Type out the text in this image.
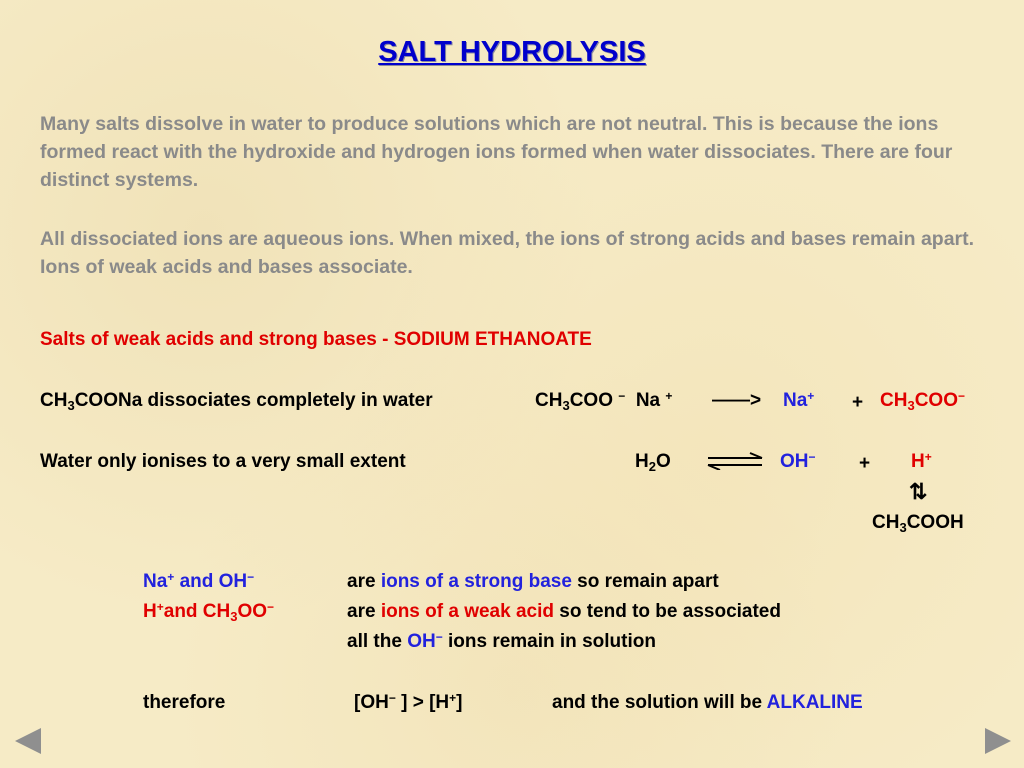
SALT HYDROLYSIS
Many salts dissolve in water to produce solutions which are not neutral. This is because the ions formed react with the hydroxide and hydrogen ions formed when water dissociates. There are four distinct systems.
All dissociated ions are aqueous ions. When mixed, the ions of strong acids and bases remain apart. Ions of weak acids and bases associate.
Salts of weak acids and strong bases - SODIUM ETHANOATE
$CH_3COONa$ dissociates completely in water	$CH_3COO$ − Na + ——> $Na^+ + CH_3COO^-$
Water only ionises to a very small extent	$H_2O$ ⇌ OH− + H+
⇅
$CH_3COOH$
Na+ and OH−	are ions of a strong base so remain apart
H+and $CH_3OO^-$	are ions of a weak acid so tend to be associated
all the OH− ions remain in solution
therefore	[OH− ] > [H+]	and the solution will be ALKALINE
